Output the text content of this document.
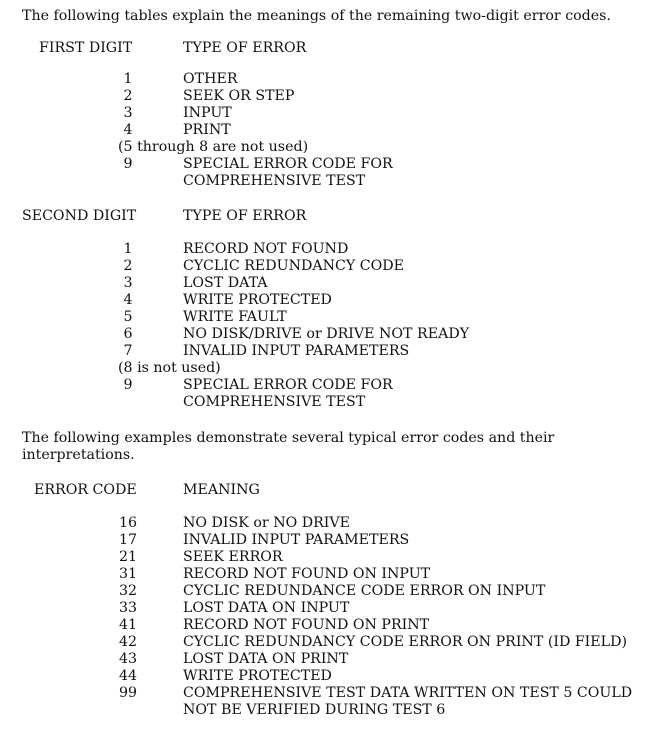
The following tables explain the meanings of the remaining two-digit error codes.
FIRST DIGIT	TYPE OF ERROR
1	OTHER
2	SEEK OR STEP
3	INPUT
4	PRINT
(5 through 8 are not used)
9	SPECIAL ERROR CODE FOR
COMPREHENSIVE TEST
SECOND DIGIT	TYPE OF ERROR
1	RECORD NOT FOUND
2	CYCLIC REDUNDANCY CODE
3	LOST DATA
4	WRITE PROTECTED
5	WRITE FAULT
6	NO DISK/DRIVE or DRIVE NOT READY
7	INVALID INPUT PARAMETERS
(8 is not used)
9	SPECIAL ERROR CODE FOR
COMPREHENSIVE TEST
The following examples demonstrate several typical error codes and their
interpretations.
ERROR CODE	MEANING
16	NO DISK or NO DRIVE
17	INVALID INPUT PARAMETERS
21	SEEK ERROR
31	RECORD NOT FOUND ON INPUT
32	CYCLIC REDUNDANCE CODE ERROR ON INPUT
33	LOST DATA ON INPUT
41	RECORD NOT FOUND ON PRINT
42	CYCLIC REDUNDANCY CODE ERROR ON PRINT (ID FIELD)
43	LOST DATA ON PRINT
44	WRITE PROTECTED
99	COMPREHENSIVE TEST DATA WRITTEN ON TEST 5 COULD
NOT BE VERIFIED DURING TEST 6
